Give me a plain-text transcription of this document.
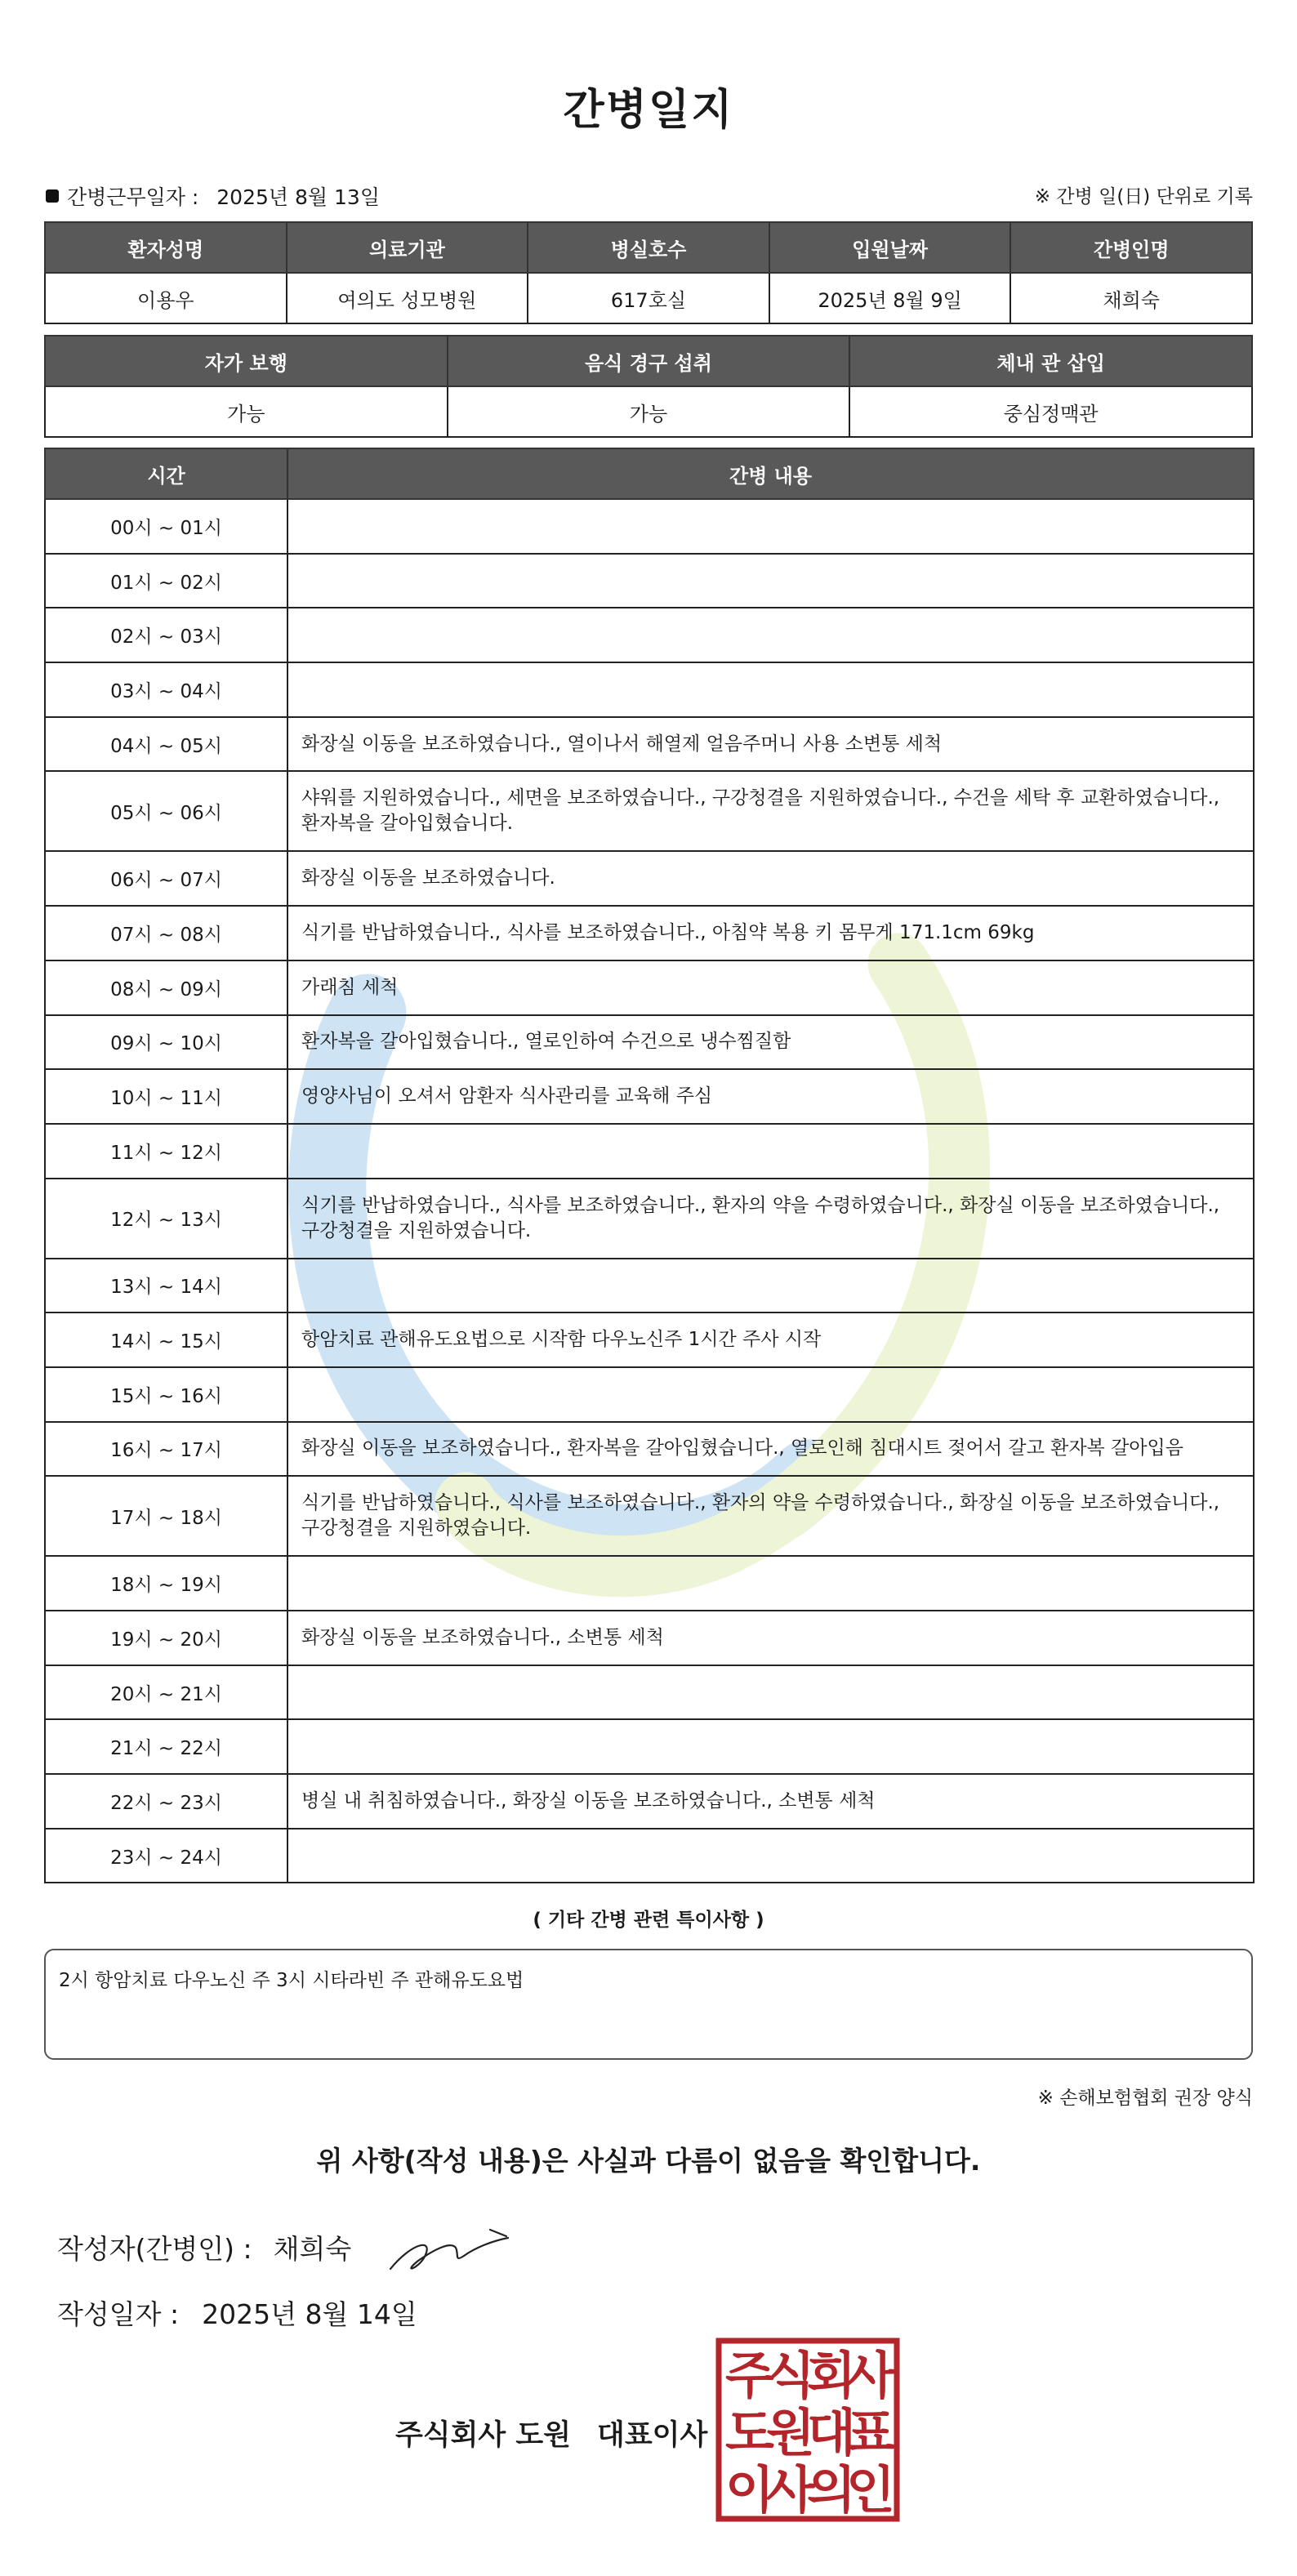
간병일지
간병근무일자 : 2025년 8월 13일	※ 간병 일(日) 단위로 기록
환자성명	의료기관	병실호수	입원날짜	간병인명
이용우	여의도 성모병원	617호실	2025년 8월 9일	채희숙
자가 보행	음식 경구 섭취	체내 관 삽입
가능	가능	중심정맥관
시간	간병 내용
00시 ~ 01시	
01시 ~ 02시	
02시 ~ 03시	
03시 ~ 04시	
04시 ~ 05시	화장실 이동을 보조하였습니다., 열이나서 해열제 얼음주머니 사용 소변통 세척
05시 ~ 06시	샤워를 지원하였습니다., 세면을 보조하였습니다., 구강청결을 지원하였습니다., 수건을 세탁 후 교환하였습니다., 환자복을 갈아입혔습니다.
06시 ~ 07시	화장실 이동을 보조하였습니다.
07시 ~ 08시	식기를 반납하였습니다., 식사를 보조하였습니다., 아침약 복용 키 몸무게 171.1cm 69kg
08시 ~ 09시	가래침 세척
09시 ~ 10시	환자복을 갈아입혔습니다., 열로인하여 수건으로 냉수찜질함
10시 ~ 11시	영양사님이 오셔서 암환자 식사관리를 교육해 주심
11시 ~ 12시	
12시 ~ 13시	식기를 반납하였습니다., 식사를 보조하였습니다., 환자의 약을 수령하였습니다., 화장실 이동을 보조하였습니다., 구강청결을 지원하였습니다.
13시 ~ 14시	
14시 ~ 15시	항암치료 관해유도요법으로 시작함 다우노신주 1시간 주사 시작
15시 ~ 16시	
16시 ~ 17시	화장실 이동을 보조하였습니다., 환자복을 갈아입혔습니다., 열로인해 침대시트 젖어서 갈고 환자복 갈아입음
17시 ~ 18시	식기를 반납하였습니다., 식사를 보조하였습니다., 환자의 약을 수령하였습니다., 화장실 이동을 보조하였습니다., 구강청결을 지원하였습니다.
18시 ~ 19시	
19시 ~ 20시	화장실 이동을 보조하였습니다., 소변통 세척
20시 ~ 21시	
21시 ~ 22시	
22시 ~ 23시	병실 내 취침하였습니다., 화장실 이동을 보조하였습니다., 소변통 세척
23시 ~ 24시	
( 기타 간병 관련 특이사항 )
2시 항암치료 다우노신 주 3시 시타라빈 주 관해유도요법
※ 손해보험협회 권장 양식
위 사항(작성 내용)은 사실과 다름이 없음을 확인합니다.
작성자(간병인) : 채희숙
작성일자 : 2025년 8월 14일
주식회사 도원 대표이사
주
식
회
사
도
원
대
표
이
사
의
인
